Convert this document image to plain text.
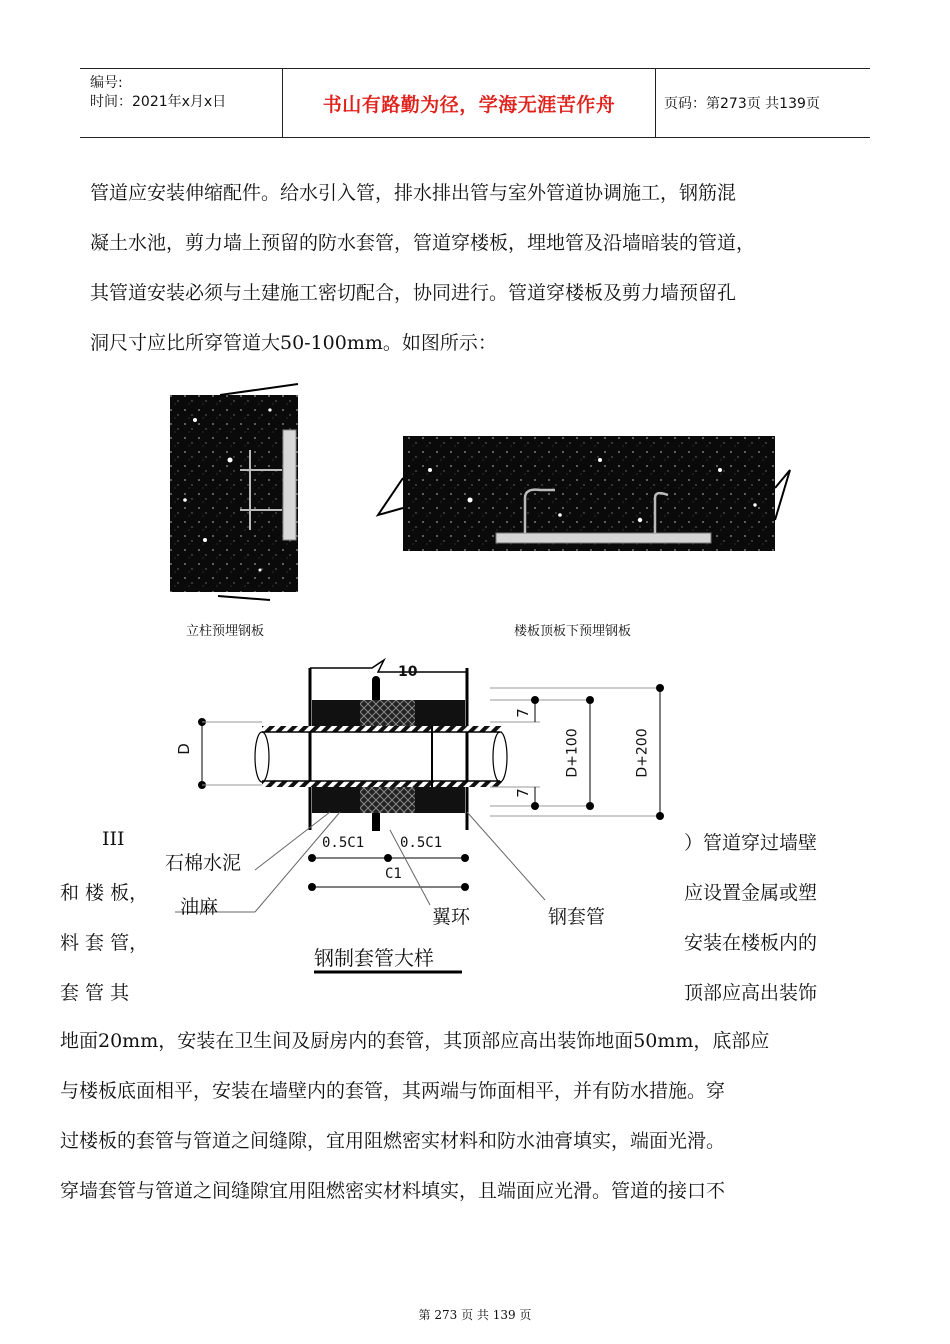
编号:
时间：2021年x月x日	书山有路勤为径，学海无涯苦作舟	页码：第273页 共139页
管道应安装伸缩配件。给水引入管，排水排出管与室外管道协调施工，钢筋混
凝土水池，剪力墙上预留的防水套管，管道穿楼板，埋地管及沿墙暗装的管道，
其管道安装必须与土建施工密切配合，协同进行。管道穿楼板及剪力墙预留孔
洞尺寸应比所穿管道大50-100mm。如图所示：
立柱预埋钢板	楼板顶板下预埋钢板
10
D
7
7
D+100	D+200
0.5C1	0.5C1
C1
石棉水泥
油麻	翼环	钢套管
钢制套管大样
III
和 楼 板，
料 套 管，
套 管 其
）管道穿过墙壁
应设置金属或塑
安装在楼板内的
顶部应高出装饰
地面20mm，安装在卫生间及厨房内的套管，其顶部应高出装饰地面50mm，底部应
与楼板底面相平，安装在墙壁内的套管，其两端与饰面相平，并有防水措施。穿
过楼板的套管与管道之间缝隙，宜用阻燃密实材料和防水油膏填实，端面光滑。
穿墙套管与管道之间缝隙宜用阻燃密实材料填实，且端面应光滑。管道的接口不
第 273 页 共 139 页
